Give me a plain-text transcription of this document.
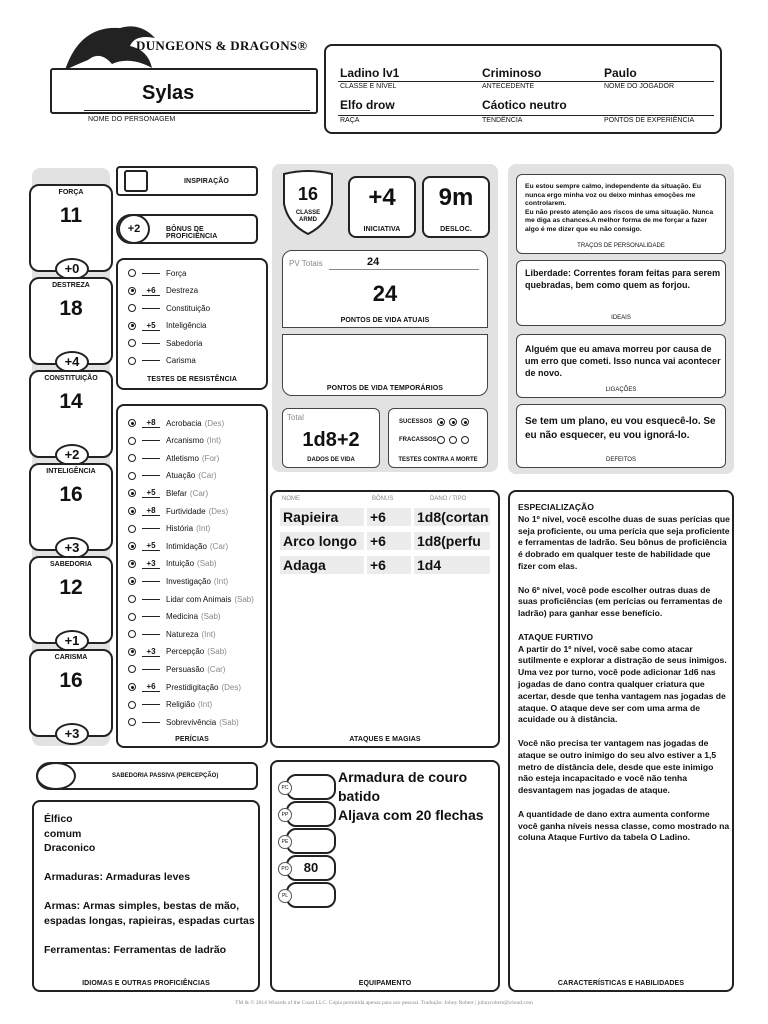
DUNGEONS & DRAGONS®
Sylas
NOME DO PERSONAGEM
Ladino lv1
CLASSE E NÍVEL
Criminoso
ANTECEDENTE
Paulo
NOME DO JOGADOR
Elfo drow
RAÇA
Cáotico neutro
TENDÊNCIA	PONTOS DE EXPERIÊNCIA
FORÇA
11
+0
DESTREZA
18
+4
CONSTITUIÇÃO
14
+2
INTELIGÊNCIA
16
+3
SABEDORIA
12
+1
CARISMA
16
+3
INSPIRAÇÃO
+2	BÔNUS DE PROFICIÊNCIA
Força
+6	Destreza
Constituição
+5	Inteligência
Sabedoria
Carisma
TESTES DE RESISTÊNCIA
+8	Acrobacia (Des)
Arcanismo (Int)
Atletismo (For)
Atuação (Car)
+5	Blefar (Car)
+8	Furtividade (Des)
História (Int)
+5	Intimidação (Car)
+3	Intuição (Sab)
Investigação (Int)
Lidar com Animais (Sab)
Medicina (Sab)
Natureza (Int)
+3	Percepção (Sab)
Persuasão (Car)
+6	Prestidigitação (Des)
Religião (Int)
Sobrevivência (Sab)
PERÍCIAS
SABEDORIA PASSIVA (PERCEPÇÃO)
Élfico
comum
Draconico

Armaduras: Armaduras leves

Armas: Armas simples, bestas de mão, espadas longas, rapieiras, espadas curtas

Ferramentas: Ferramentas de ladrão
IDIOMAS E OUTRAS PROFICIÊNCIAS
16
CLASSE ARMD
+4
INICIATIVA
9m
DESLOC.
PV Totais	24
24
PONTOS DE VIDA ATUAIS
PONTOS DE VIDA TEMPORÁRIOS
Total
1d8+2
DADOS DE VIDA
SUCESSOS
FRACASSOS
TESTES CONTRA A MORTE
NOME	BÔNUS	DANO / TIPO
Rapieira	+6	1d8(cortan
Arco longo +6	1d8(perfu
Adaga	+6	1d4
ATAQUES E MAGIAS
PC
PP
PE
PO	80
PL
Armadura de couro batido
Aljava com 20 flechas
EQUIPAMENTO
Eu estou sempre calmo, independente da situação. Eu nunca ergo minha voz ou deixo minhas emoções me controlarem.
Eu não presto atenção aos riscos de uma situação. Nunca me diga as chances.A melhor forma de me forçar a fazer algo é me dizer que eu não consigo.
TRAÇOS DE PERSONALIDADE
Liberdade: Correntes foram feitas para serem quebradas, bem como quem as forjou.
IDEAIS
Alguém que eu amava morreu por causa de um erro que cometi. Isso nunca vai acontecer de novo.
LIGAÇÕES
Se tem um plano, eu vou esquecê-lo. Se eu não esquecer, eu vou ignorá-lo.
DEFEITOS
ESPECIALIZAÇÃO
No 1º nível, você escolhe duas de suas perícias que seja proficiente, ou uma perícia que seja proficiente e ferramentas de ladrão. Seu bônus de proficiência é dobrado em qualquer teste de habilidade que fizer com elas.

No 6º nível, você pode escolher outras duas de suas proficiências (em perícias ou ferramentas de ladrão) para ganhar esse benefício.

ATAQUE FURTIVO
A partir do 1º nível, você sabe como atacar sutilmente e explorar a distração de seus inimigos. Uma vez por turno, você pode adicionar 1d6 nas jogadas de dano contra qualquer criatura que acertar, desde que tenha vantagem nas jogadas de ataque. O ataque deve ser com uma arma de acuidade ou à distância.

Você não precisa ter vantagem nas jogadas de ataque se outro inimigo do seu alvo estiver a 1,5 metro de distância dele, desde que este inimigo não esteja incapacitado e você não tenha desvantagem nas jogadas de ataque.

A quantidade de dano extra aumenta conforme você ganha níveis nessa classe, como mostrado na coluna Ataque Furtivo da tabela O Ladino.
CARACTERÍSTICAS E HABILIDADES
TM & © 2014 Wizards of the Coast LLC. Cópia permitida apenas para uso pessoal. Tradução: Johny Robert | johnyrobert@icloud.com
